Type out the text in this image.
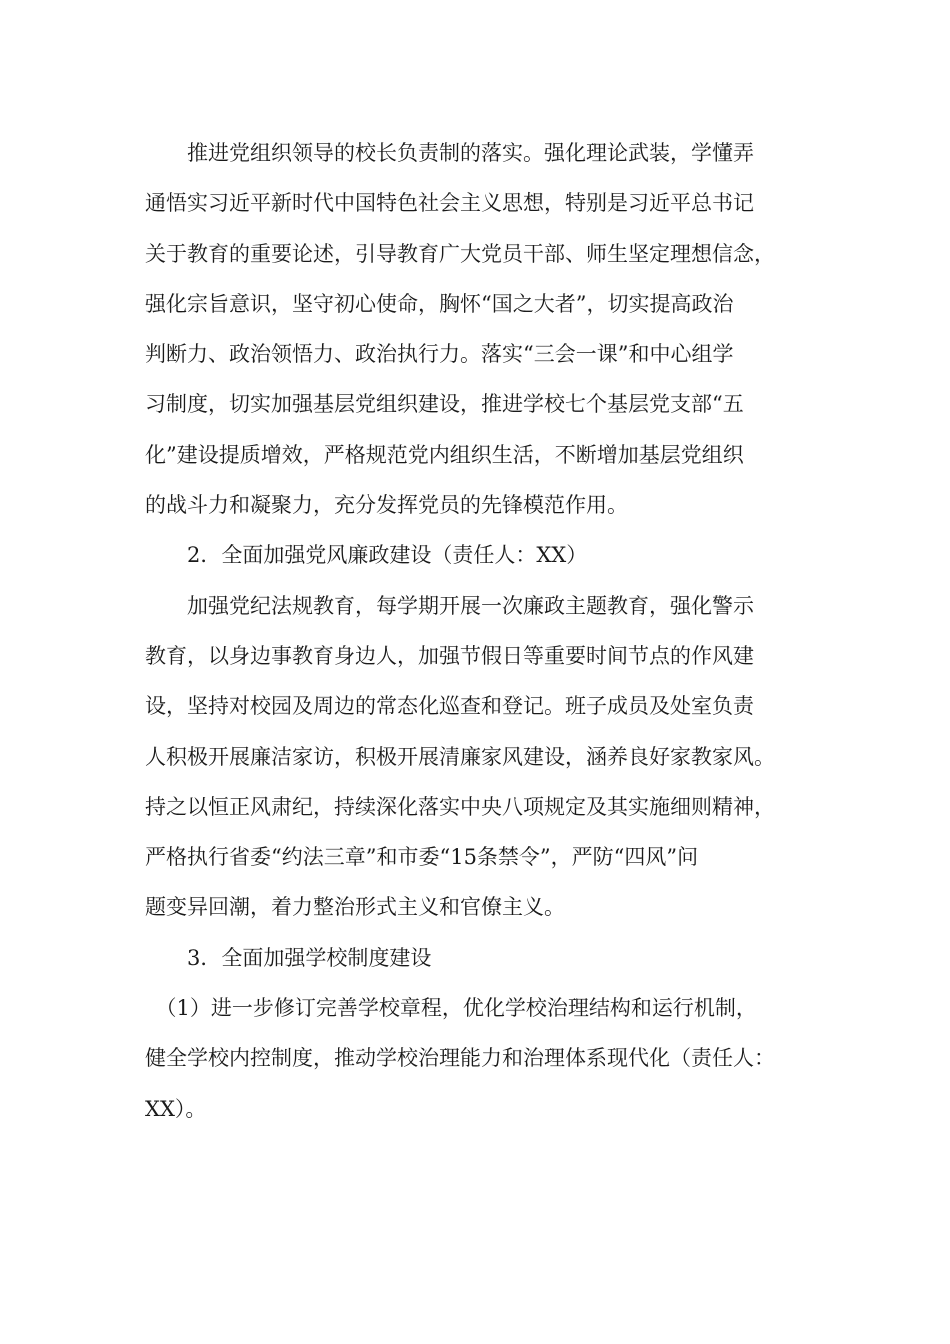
　　推进党组织领导的校长负责制的落实。强化理论武装，学懂弄
通悟实习近平新时代中国特色社会主义思想，特别是习近平总书记
关于教育的重要论述，引导教育广大党员干部、师生坚定理想信念，
强化宗旨意识，坚守初心使命，胸怀“国之大者”，切实提高政治
判断力、政治领悟力、政治执行力。落实“三会一课”和中心组学
习制度，切实加强基层党组织建设，推进学校七个基层党支部“五
化”建设提质增效，严格规范党内组织生活，不断增加基层党组织
的战斗力和凝聚力，充分发挥党员的先锋模范作用。
　　2．全面加强党风廉政建设（责任人：XX）
　　加强党纪法规教育，每学期开展一次廉政主题教育，强化警示
教育，以身边事教育身边人，加强节假日等重要时间节点的作风建
设，坚持对校园及周边的常态化巡查和登记。班子成员及处室负责
人积极开展廉洁家访，积极开展清廉家风建设，涵养良好家教家风。
持之以恒正风肃纪，持续深化落实中央八项规定及其实施细则精神，
严格执行省委“约法三章”和市委“15条禁令”，严防“四风”问
题变异回潮，着力整治形式主义和官僚主义。
　　3．全面加强学校制度建设
　（1）进一步修订完善学校章程，优化学校治理结构和运行机制，
健全学校内控制度，推动学校治理能力和治理体系现代化（责任人：
XX）。
